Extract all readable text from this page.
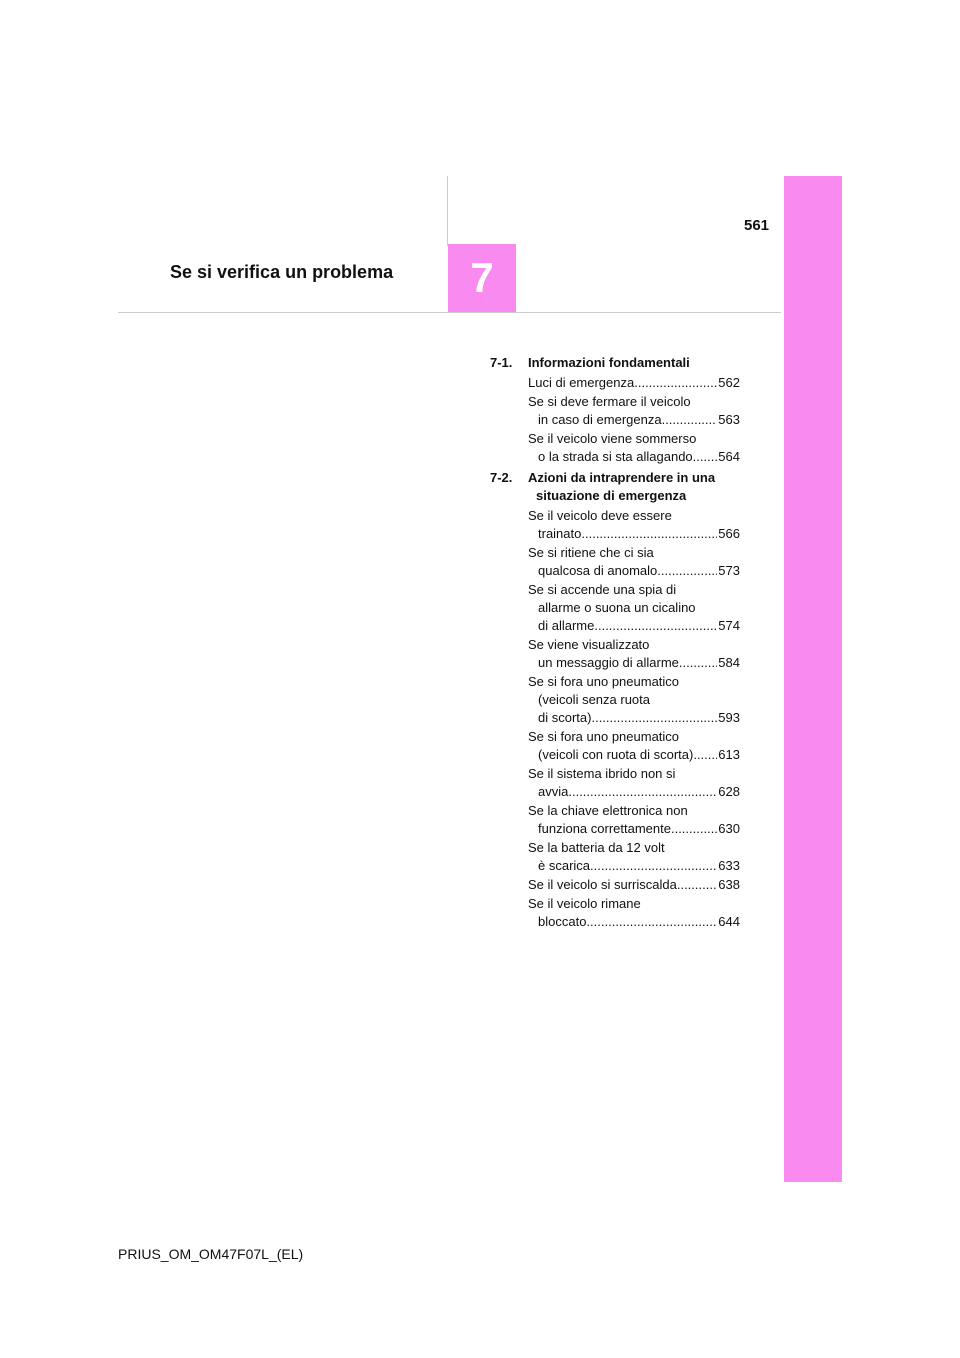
561
Se si verifica un problema 7
7-1.	Informazioni fondamentali
Luci di emergenza .....	562
Se si deve fermare il veicolo
in caso di emergenza .....	563
Se il veicolo viene sommerso
o la strada si sta allagando ..... 564
7-2.	Azioni da intraprendere in una
situazione di emergenza
Se il veicolo deve essere
trainato .....	566
Se si ritiene che ci sia
qualcosa di anomalo .....	573
Se si accende una spia di
allarme o suona un cicalino
di allarme .....	574
Se viene visualizzato
un messaggio di allarme .....	584
Se si fora uno pneumatico
(veicoli senza ruota
di scorta) .....	593
Se si fora uno pneumatico
(veicoli con ruota di scorta) ..... 613
Se il sistema ibrido non si
avvia .....	628
Se la chiave elettronica non
funziona correttamente .....	630
Se la batteria da 12 volt
è scarica .....	633
Se il veicolo si surriscalda .....	638
Se il veicolo rimane
bloccato .....	644
PRIUS_OM_OM47F07L_(EL)
